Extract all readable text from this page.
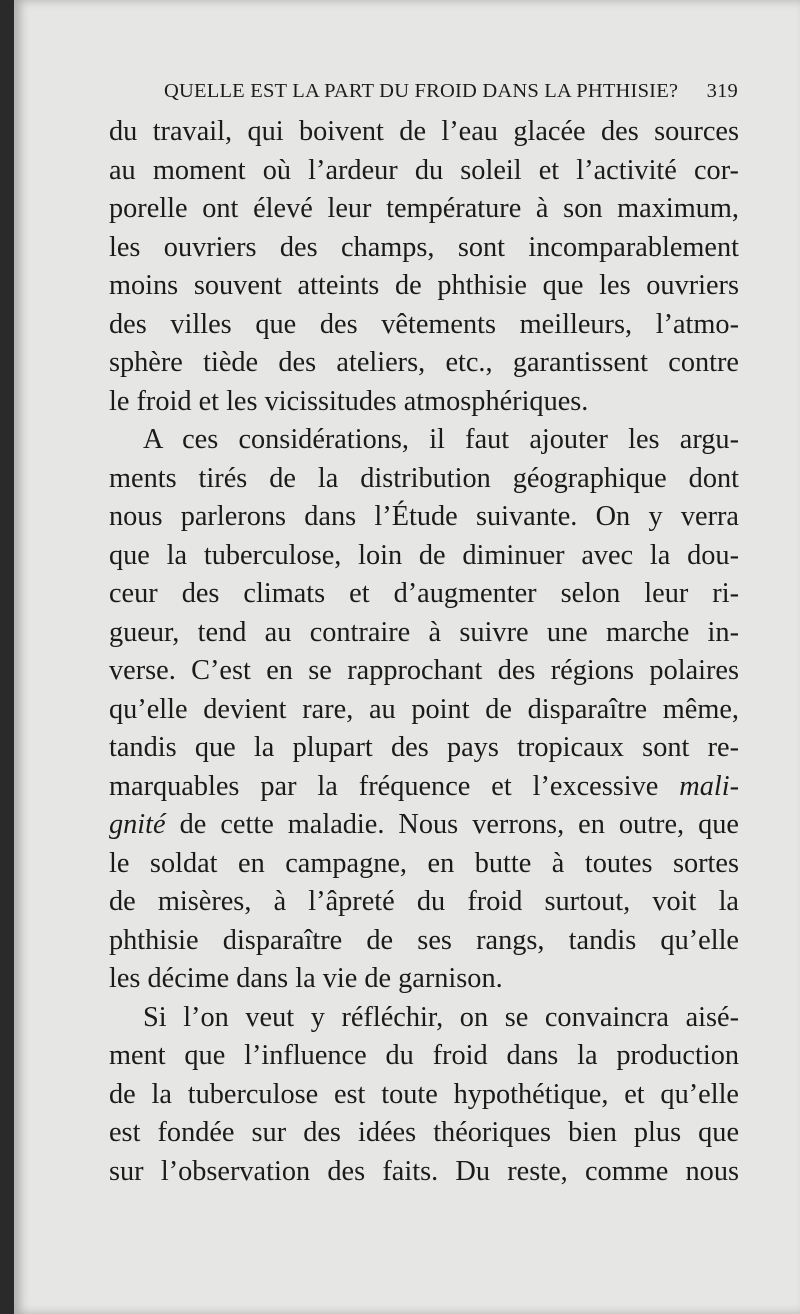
QUELLE EST LA PART DU FROID DANS LA PHTHISIE? 319
du travail, qui boivent de l’eau glacée des sources
au moment où l’ardeur du soleil et l’activité cor-
porelle ont élevé leur température à son maximum,
les ouvriers des champs, sont incomparablement
moins souvent atteints de phthisie que les ouvriers
des villes que des vêtements meilleurs, l’atmo-
sphère tiède des ateliers, etc., garantissent contre
le froid et les vicissitudes atmosphériques.
A ces considérations, il faut ajouter les argu-
ments tirés de la distribution géographique dont
nous parlerons dans l’Étude suivante. On y verra
que la tuberculose, loin de diminuer avec la dou-
ceur des climats et d’augmenter selon leur ri-
gueur, tend au contraire à suivre une marche in-
verse. C’est en se rapprochant des régions polaires
qu’elle devient rare, au point de disparaître même,
tandis que la plupart des pays tropicaux sont re-
marquables par la fréquence et l’excessive mali-
gnité de cette maladie. Nous verrons, en outre, que
le soldat en campagne, en butte à toutes sortes
de misères, à l’âpreté du froid surtout, voit la
phthisie disparaître de ses rangs, tandis qu’elle
les décime dans la vie de garnison.
Si l’on veut y réfléchir, on se convaincra aisé-
ment que l’influence du froid dans la production
de la tuberculose est toute hypothétique, et qu’elle
est fondée sur des idées théoriques bien plus que
sur l’observation des faits. Du reste, comme nous
